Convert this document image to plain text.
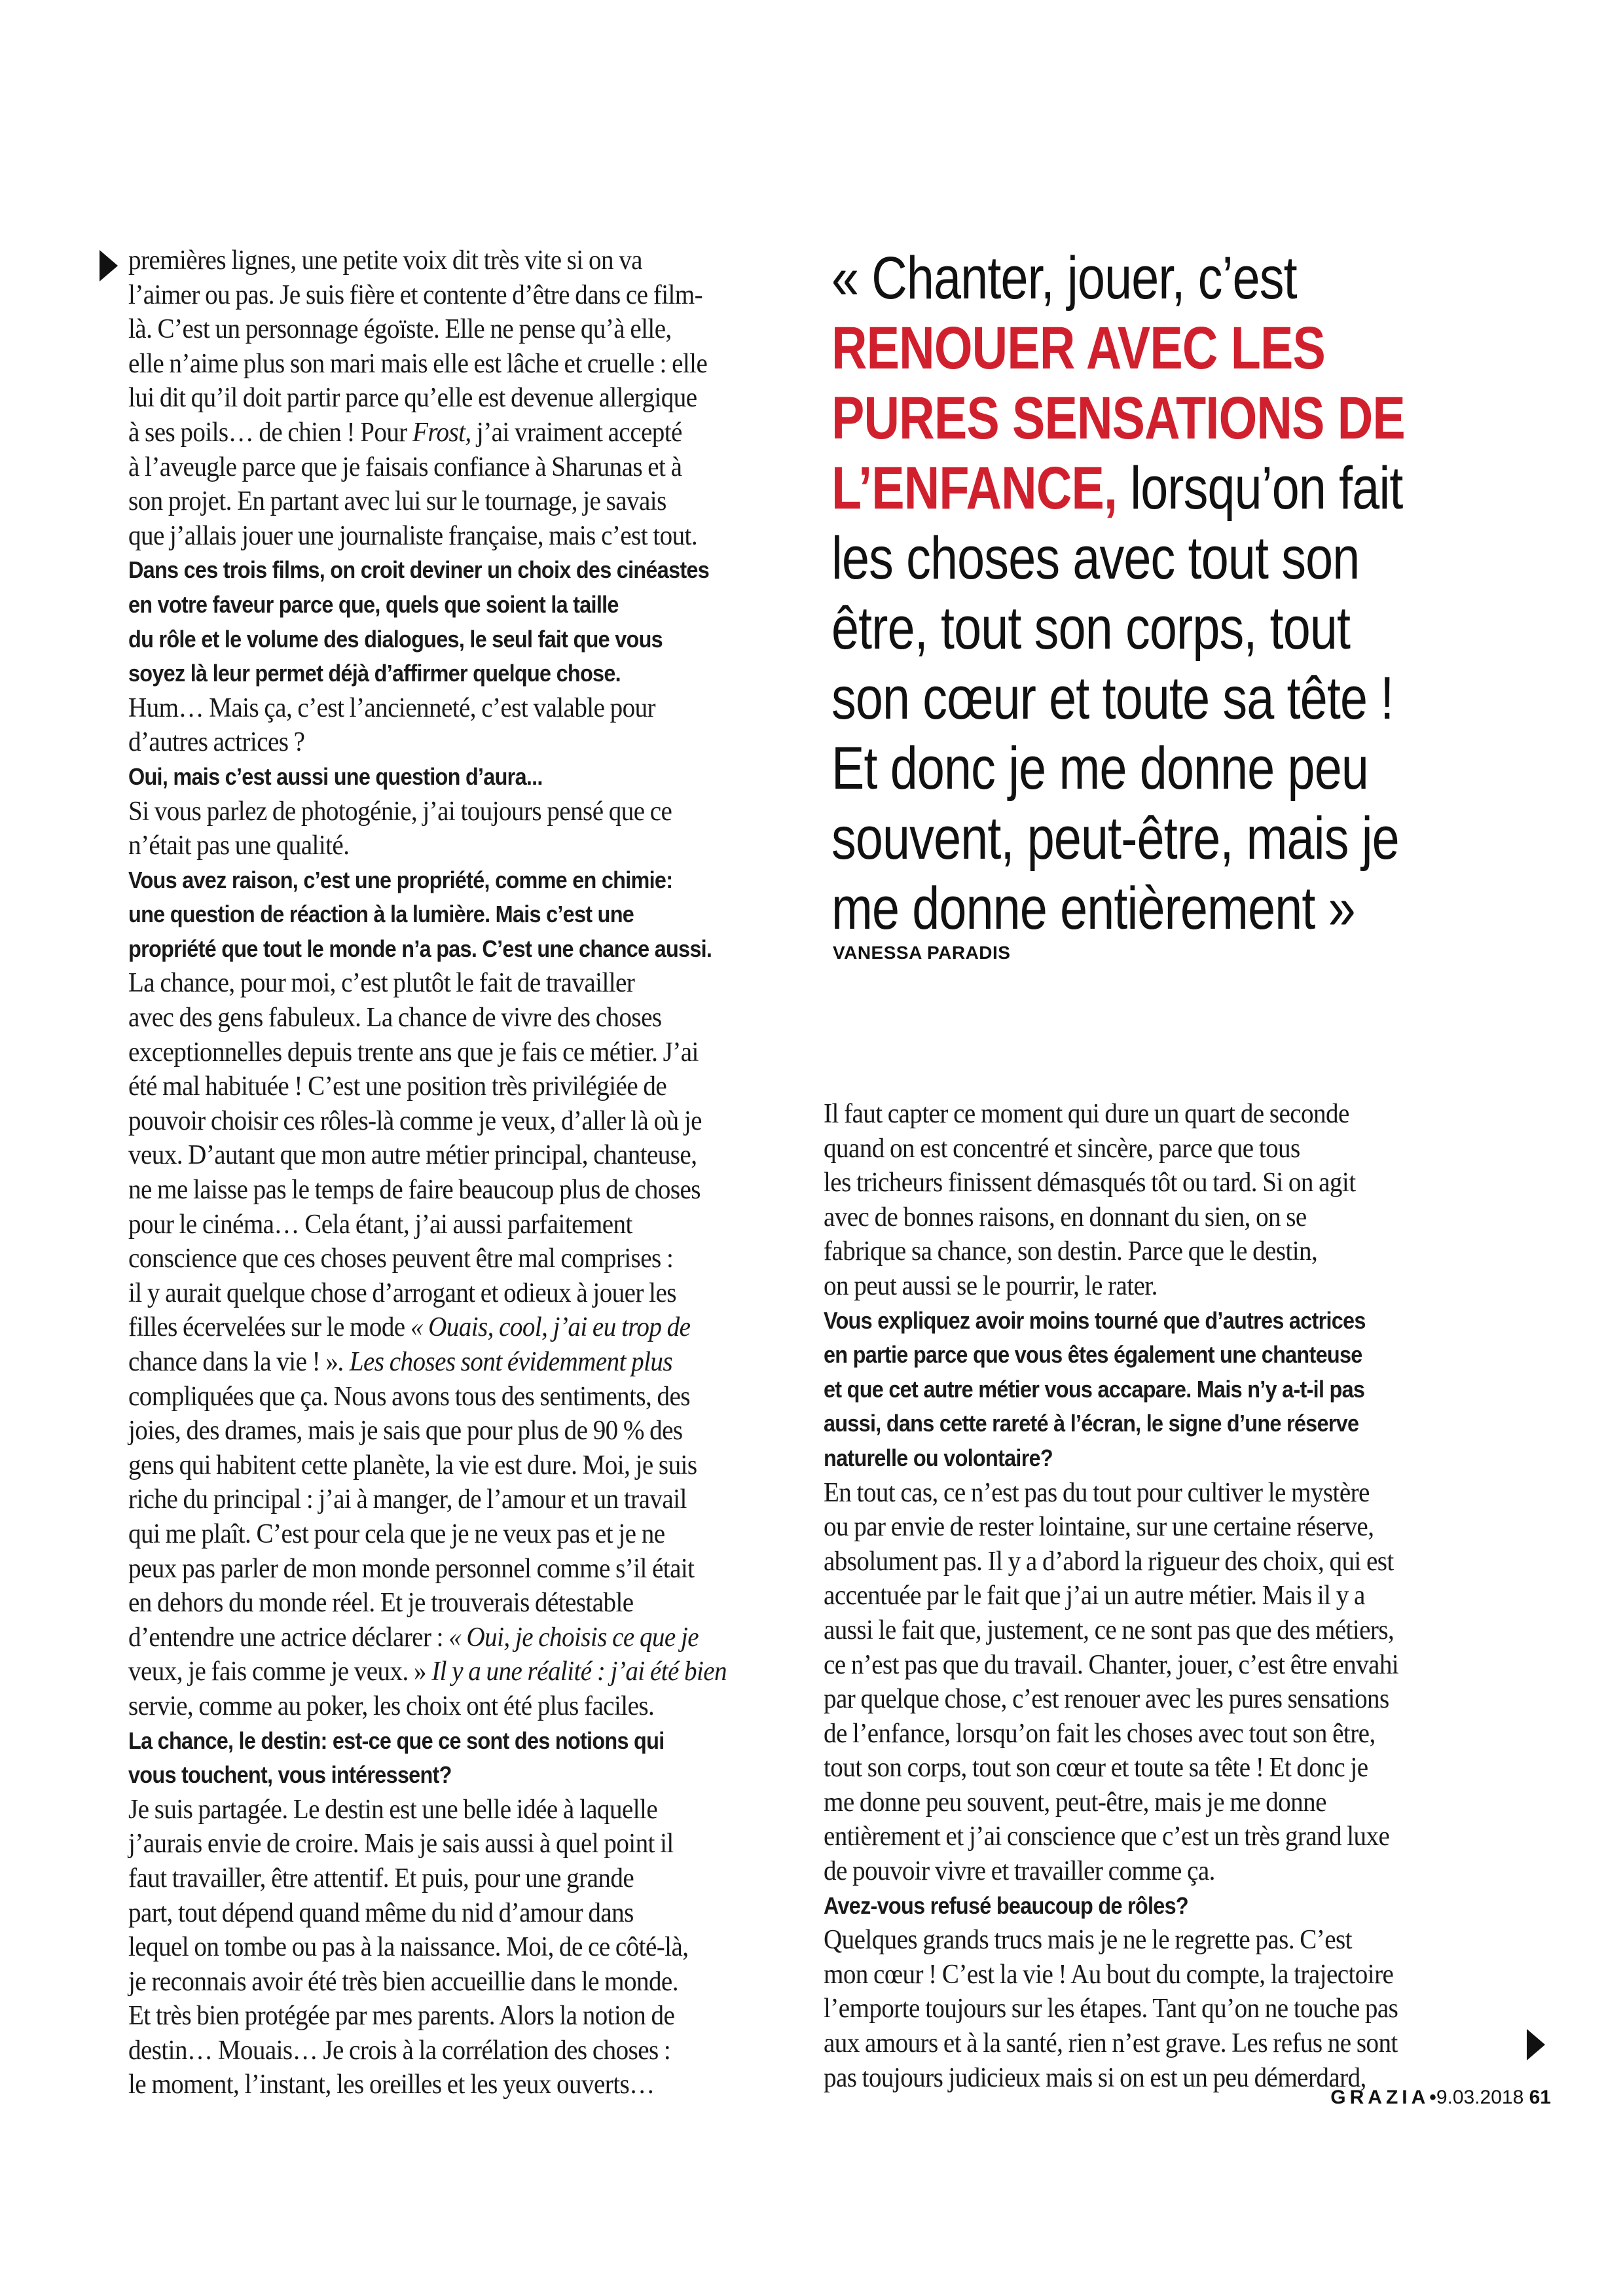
premières lignes, une petite voix dit très vite si on va
l’aimer ou pas. Je suis fière et contente d’être dans ce film-
là. C’est un personnage égoïste. Elle ne pense qu’à elle,
elle n’aime plus son mari mais elle est lâche et cruelle : elle
lui dit qu’il doit partir parce qu’elle est devenue allergique
à ses poils… de chien ! Pour Frost, j’ai vraiment accepté
à l’aveugle parce que je faisais confiance à Sharunas et à
son projet. En partant avec lui sur le tournage, je savais
que j’allais jouer une journaliste française, mais c’est tout.
Dans ces trois films, on croit deviner un choix des cinéastes
en votre faveur parce que, quels que soient la taille
du rôle et le volume des dialogues, le seul fait que vous
soyez là leur permet déjà d’affirmer quelque chose.
Hum… Mais ça, c’est l’ancienneté, c’est valable pour
d’autres actrices ?
Oui, mais c’est aussi une question d’aura...
Si vous parlez de photogénie, j’ai toujours pensé que ce
n’était pas une qualité.
Vous avez raison, c’est une propriété, comme en chimie:
une question de réaction à la lumière. Mais c’est une
propriété que tout le monde n’a pas. C’est une chance aussi.
La chance, pour moi, c’est plutôt le fait de travailler
avec des gens fabuleux. La chance de vivre des choses
exceptionnelles depuis trente ans que je fais ce métier. J’ai
été mal habituée ! C’est une position très privilégiée de
pouvoir choisir ces rôles-là comme je veux, d’aller là où je
veux. D’autant que mon autre métier principal, chanteuse,
ne me laisse pas le temps de faire beaucoup plus de choses
pour le cinéma… Cela étant, j’ai aussi parfaitement
conscience que ces choses peuvent être mal comprises :
il y aurait quelque chose d’arrogant et odieux à jouer les
filles écervelées sur le mode « Ouais, cool, j’ai eu trop de
chance dans la vie ! ». Les choses sont évidemment plus
compliquées que ça. Nous avons tous des sentiments, des
joies, des drames, mais je sais que pour plus de 90 % des
gens qui habitent cette planète, la vie est dure. Moi, je suis
riche du principal : j’ai à manger, de l’amour et un travail
qui me plaît. C’est pour cela que je ne veux pas et je ne
peux pas parler de mon monde personnel comme s’il était
en dehors du monde réel. Et je trouverais détestable
d’entendre une actrice déclarer : « Oui, je choisis ce que je
veux, je fais comme je veux. » Il y a une réalité : j’ai été bien
servie, comme au poker, les choix ont été plus faciles.
La chance, le destin: est-ce que ce sont des notions qui
vous touchent, vous intéressent?
Je suis partagée. Le destin est une belle idée à laquelle
j’aurais envie de croire. Mais je sais aussi à quel point il
faut travailler, être attentif. Et puis, pour une grande
part, tout dépend quand même du nid d’amour dans
lequel on tombe ou pas à la naissance. Moi, de ce côté-là,
je reconnais avoir été très bien accueillie dans le monde.
Et très bien protégée par mes parents. Alors la notion de
destin… Mouais… Je crois à la corrélation des choses :
le moment, l’instant, les oreilles et les yeux ouverts…
« Chanter, jouer, c’est
RENOUER AVEC LES
PURES SENSATIONS DE
L’ENFANCE, lorsqu’on fait
les choses avec tout son
être, tout son corps, tout
son cœur et toute sa tête !
Et donc je me donne peu
souvent, peut-être, mais je
me donne entièrement »
VANESSA PARADIS
Il faut capter ce moment qui dure un quart de seconde
quand on est concentré et sincère, parce que tous
les tricheurs finissent démasqués tôt ou tard. Si on agit
avec de bonnes raisons, en donnant du sien, on se
fabrique sa chance, son destin. Parce que le destin,
on peut aussi se le pourrir, le rater.
Vous expliquez avoir moins tourné que d’autres actrices
en partie parce que vous êtes également une chanteuse
et que cet autre métier vous accapare. Mais n’y a-t-il pas
aussi, dans cette rareté à l’écran, le signe d’une réserve
naturelle ou volontaire?
En tout cas, ce n’est pas du tout pour cultiver le mystère
ou par envie de rester lointaine, sur une certaine réserve,
absolument pas. Il y a d’abord la rigueur des choix, qui est
accentuée par le fait que j’ai un autre métier. Mais il y a
aussi le fait que, justement, ce ne sont pas que des métiers,
ce n’est pas que du travail. Chanter, jouer, c’est être envahi
par quelque chose, c’est renouer avec les pures sensations
de l’enfance, lorsqu’on fait les choses avec tout son être,
tout son corps, tout son cœur et toute sa tête ! Et donc je
me donne peu souvent, peut-être, mais je me donne
entièrement et j’ai conscience que c’est un très grand luxe
de pouvoir vivre et travailler comme ça.
Avez-vous refusé beaucoup de rôles?
Quelques grands trucs mais je ne le regrette pas. C’est
mon cœur ! C’est la vie ! Au bout du compte, la trajectoire
l’emporte toujours sur les étapes. Tant qu’on ne touche pas
aux amours et à la santé, rien n’est grave. Les refus ne sont
pas toujours judicieux mais si on est un peu démerdard,
GRAZIA•9.03.2018 61
